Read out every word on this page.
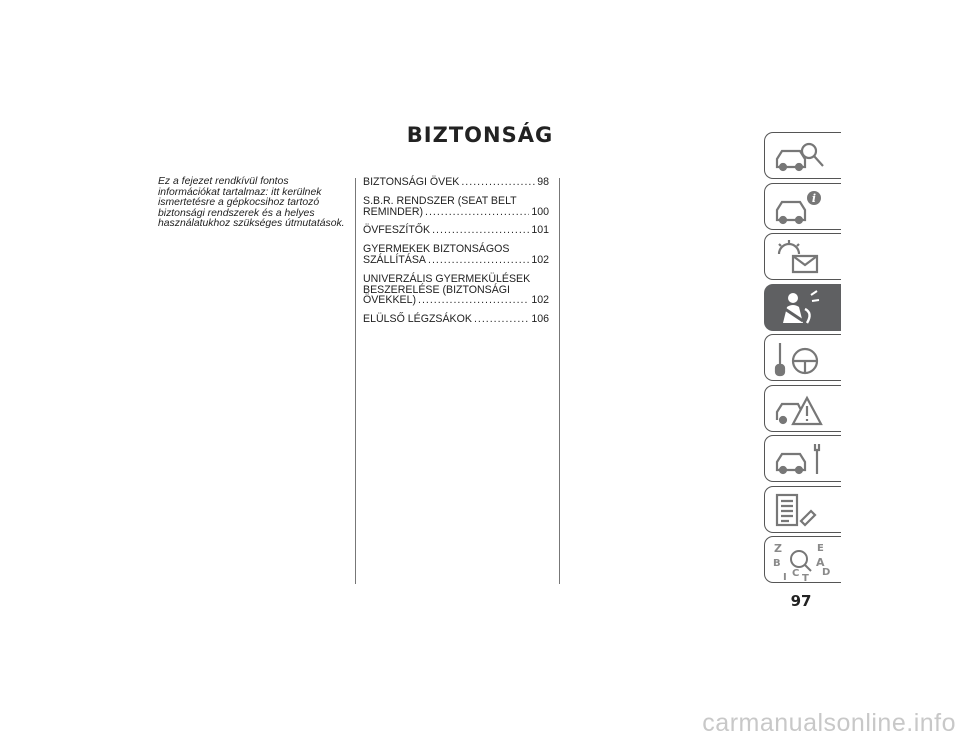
BIZTONSÁG
Ez a fejezet rendkívül fontos információkat tartalmaz: itt kerülnek ismertetésre a gépkocsihoz tartozó biztonsági rendszerek és a helyes használatukhoz szükséges útmutatások.
BIZTONSÁGI ÖVEK .....	98
S.B.R. RENDSZER (SEAT BELT
REMINDER) .....	100
ÖVFESZÍTŐK .....	101
GYERMEKEK BIZTONSÁGOS
SZÁLLÍTÁSA .....	102
UNIVERZÁLIS GYERMEKÜLÉSEK
BESZERELÉSE (BIZTONSÁGI
ÖVEKKEL) .....	102
ELÜLSŐ LÉGZSÁKOK .....	106
i
Z	E
B	A
D
I C T
97
carmanualsonline.info
